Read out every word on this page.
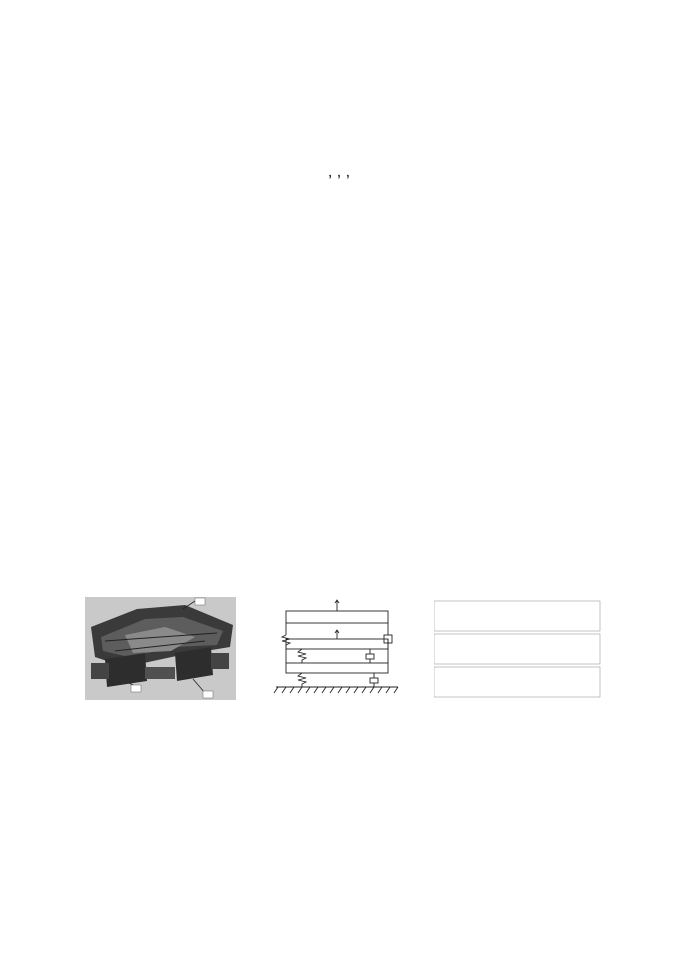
, , ,
